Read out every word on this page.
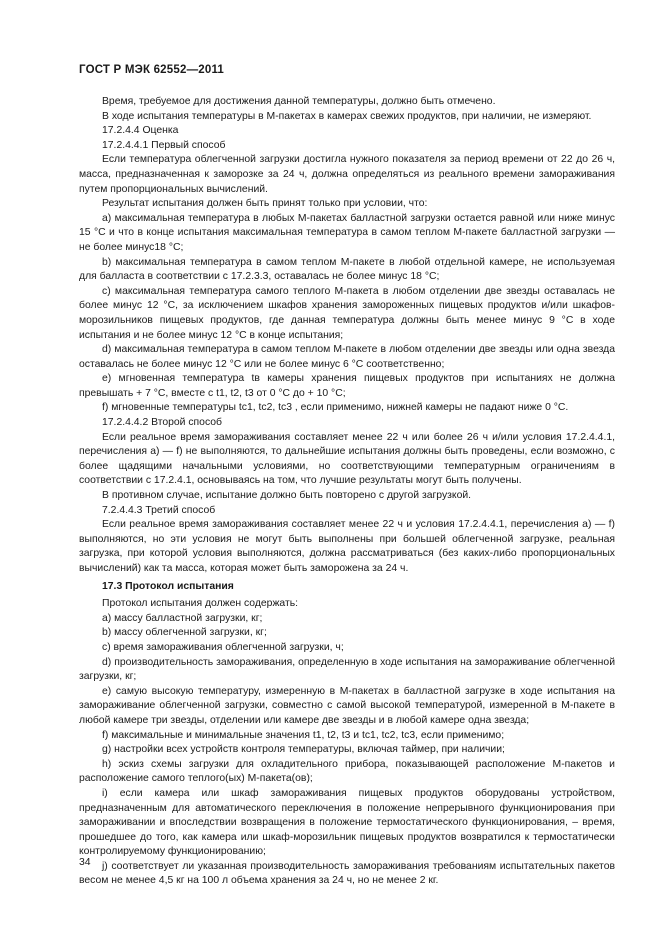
ГОСТ Р МЭК 62552—2011

Время, требуемое для достижения данной температуры, должно быть отмечено.

В ходе испытания температуры в М-пакетах в камерах свежих продуктов, при наличии, не измеряют.

17.2.4.4 Оценка

17.2.4.4.1 Первый способ

Если температура облегченной загрузки достигла нужного показателя за период времени от 22 до 26 ч, масса, предназначенная к заморозке за 24 ч, должна определяться из реального времени замораживания путем пропорциональных вычислений.

Результат испытания должен быть принят только при условии, что:

a) максимальная температура в любых М-пакетах балластной загрузки остается равной или ниже минус 15 °С и что в конце испытания максимальная температура в самом теплом М-пакете балластной загрузки — не более минус18 °С;

b) максимальная температура в самом теплом М-пакете в любой отдельной камере, не используемая для балласта в соответствии с 17.2.3.3, оставалась не более минус 18 °С;

c) максимальная температура самого теплого М-пакета в любом отделении две звезды оставалась не более минус 12 °С, за исключением шкафов хранения замороженных пищевых продуктов и/или шкафов-морозильников пищевых продуктов, где данная температура должны быть менее минус 9 °С в ходе испытания и не более минус 12 °С в конце испытания;

d) максимальная температура в самом теплом М-пакете в любом отделении две звезды или одна звезда оставалась не более минус 12 °С или не более минус 6 °С соответственно;

e) мгновенная температура tв камеры хранения пищевых продуктов при испытаниях не должна превышать + 7 °С, вместе с t1, t2, t3 от 0 °С до + 10 °С;

f) мгновенные температуры tс1, tс2, tс3 , если применимо, нижней камеры не падают ниже 0 °С.

17.2.4.4.2 Второй способ

Если реальное время замораживания составляет менее 22 ч или более 26 ч и/или условия 17.2.4.4.1, перечисления а) — f) не выполняются, то дальнейшие испытания должны быть проведены, если возможно, с более щадящими начальными условиями, но соответствующими температурным ограничениям в соответствии с 17.2.4.1, основываясь на том, что лучшие результаты могут быть получены.

В противном случае, испытание должно быть повторено с другой загрузкой.

7.2.4.4.3 Третий способ

Если реальное время замораживания составляет менее 22 ч и условия 17.2.4.4.1, перечисления а) — f) выполняются, но эти условия не могут быть выполнены при большей облегченной загрузке, реальная загрузка, при которой условия выполняются, должна рассматриваться (без каких-либо пропорциональных вычислений) как та масса, которая может быть заморожена за 24 ч.

17.3 Протокол испытания

Протокол испытания должен содержать:

a) массу балластной загрузки, кг;

b) массу облегченной загрузки, кг;

c) время замораживания облегченной загрузки, ч;

d) производительность замораживания, определенную в ходе испытания на замораживание облегченной загрузки, кг;

e) самую высокую температуру, измеренную в М-пакетах в балластной загрузке в ходе испытания на замораживание облегченной загрузки, совместно с самой высокой температурой, измеренной в М-пакете в любой камере три звезды, отделении или камере две звезды и в любой камере одна звезда;

f) максимальные и минимальные значения t1, t2, t3 и tс1, tс2, tс3, если применимо;

g) настройки всех устройств контроля температуры, включая таймер, при наличии;

h) эскиз схемы загрузки для охладительного прибора, показывающей расположение М-пакетов и расположение самого теплого(ых) М-пакета(ов);

i) если камера или шкаф замораживания пищевых продуктов оборудованы устройством, предназначенным для автоматического переключения в положение непрерывного функционирования при замораживании и впоследствии возвращения в положение термостатического функционирования, – время, прошедшее до того, как камера или шкаф-морозильник пищевых продуктов возвратился к термостатически контролируемому функционированию;

j) соответствует ли указанная производительность замораживания требованиям испытательных пакетов весом не менее 4,5 кг на 100 л объема хранения за 24 ч, но не менее 2 кг.

34
